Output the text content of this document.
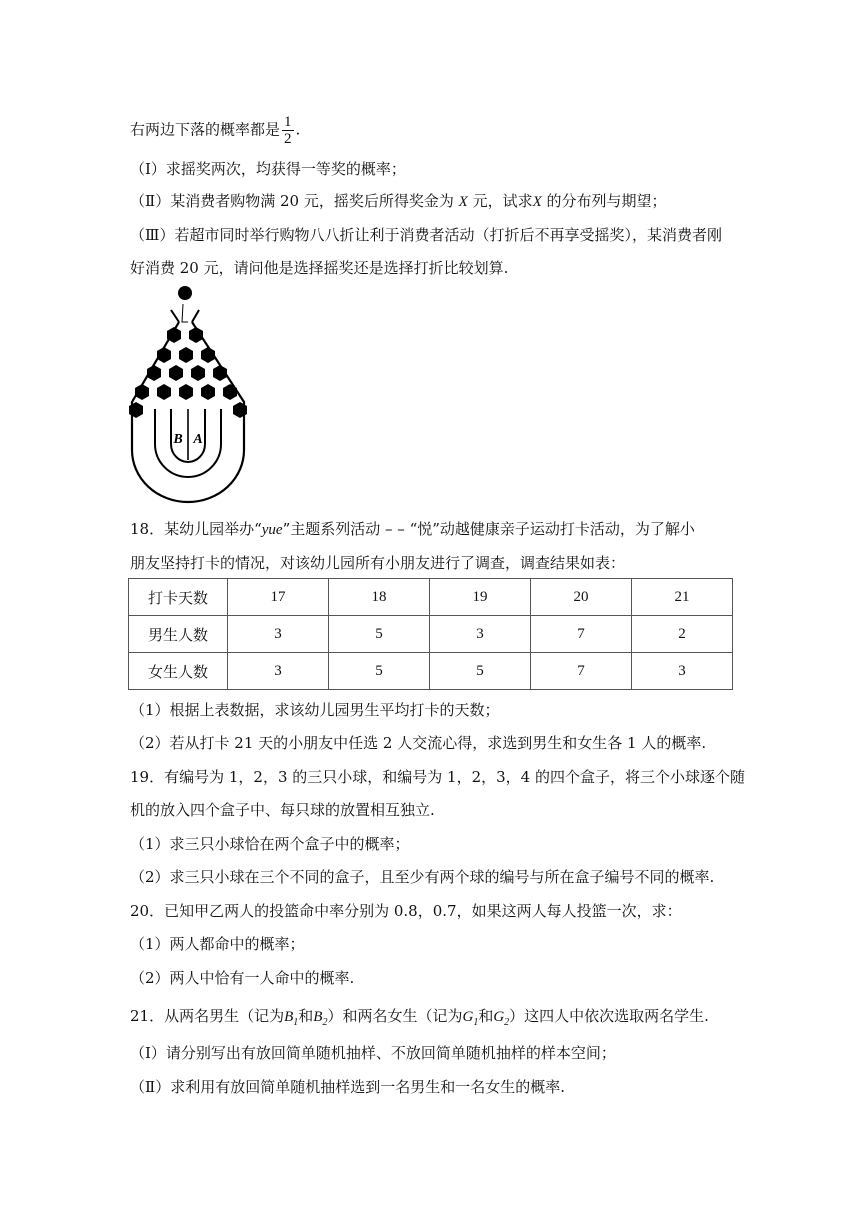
右两边下落的概率都是 $\frac{1}{2}$ .
（Ⅰ）求摇奖两次，均获得一等奖的概率；
（Ⅱ）某消费者购物满 20 元，摇奖后所得奖金为 X 元，试求X 的分布列与期望；
（Ⅲ）若超市同时举行购物八八折让利于消费者活动（打折后不再享受摇奖），某消费者刚
好消费 20 元，请问他是选择摇奖还是选择打折比较划算.
B A
18．某幼儿园举办“yue”主题系列活动 – – “悦”动越健康亲子运动打卡活动，为了解小
朋友坚持打卡的情况，对该幼儿园所有小朋友进行了调查，调查结果如表：
打卡天数	17	18	19	20	21
男生人数	3	5	3	7	2
女生人数	3	5	5	7	3
（1）根据上表数据，求该幼儿园男生平均打卡的天数；
（2）若从打卡 21 天的小朋友中任选 2 人交流心得，求选到男生和女生各 1 人的概率.
19．有编号为 1，2，3 的三只小球，和编号为 1，2，3，4 的四个盒子，将三个小球逐个随
机的放入四个盒子中、每只球的放置相互独立.
（1）求三只小球恰在两个盒子中的概率；
（2）求三只小球在三个不同的盒子，且至少有两个球的编号与所在盒子编号不同的概率.
20．已知甲乙两人的投篮命中率分别为 0.8，0.7，如果这两人每人投篮一次，求：
（1）两人都命中的概率；
（2）两人中恰有一人命中的概率.
21．从两名男生（记为$B_1$和$B_2$）和两名女生（记为$G_1$和$G_2$）这四人中依次选取两名学生.
（Ⅰ）请分别写出有放回简单随机抽样、不放回简单随机抽样的样本空间；
（Ⅱ）求利用有放回简单随机抽样选到一名男生和一名女生的概率.
